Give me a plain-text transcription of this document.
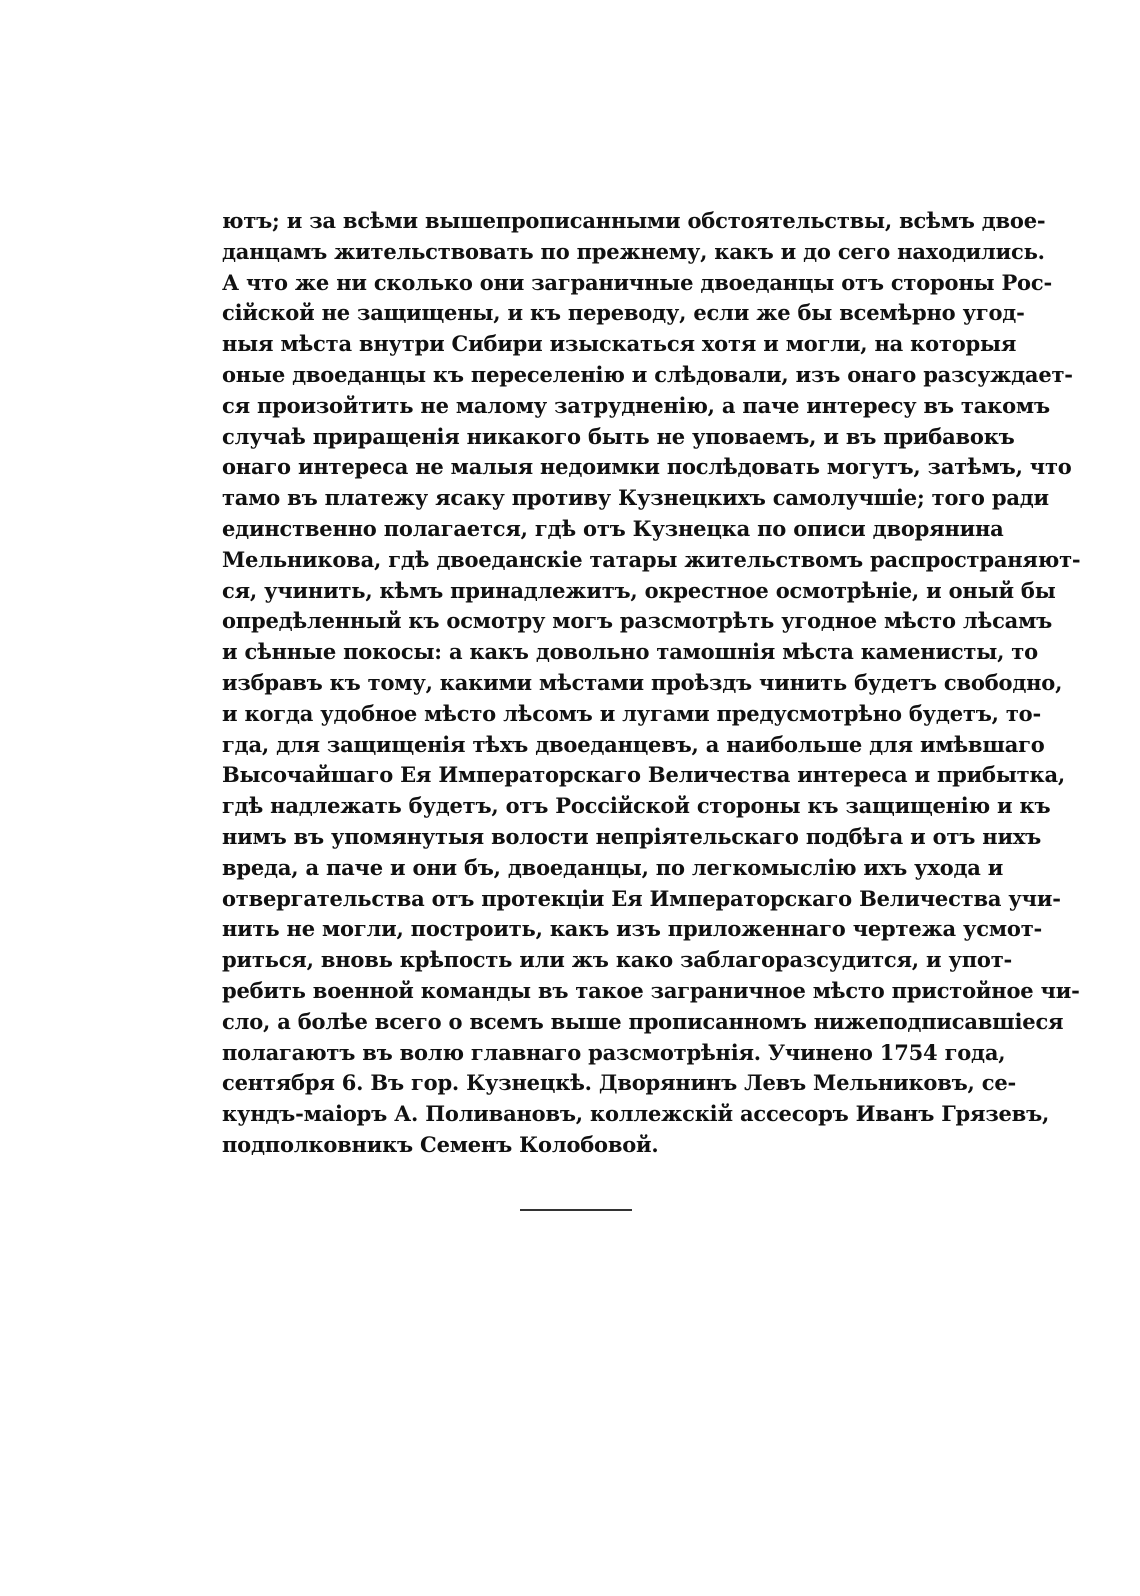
ютъ; и за всѣми вышепрописанными обстоятельствы, всѣмъ двое-
данцамъ жительствовать по прежнему, какъ и до сего находились.
А что же ни сколько они заграничные двоеданцы отъ стороны Рос-
сійской не защищены, и къ переводу, если же бы всемѣрно угод-
ныя мѣста внутри Сибири изыскаться хотя и могли, на которыя
оные двоеданцы къ переселенію и слѣдовали, изъ онаго разсуждает-
ся произойтить не малому затрудненію, а паче интересу въ такомъ
случаѣ приращенія никакого быть не уповаемъ, и въ прибавокъ
онаго интереса не малыя недоимки послѣдовать могутъ, затѣмъ, что
тамо въ платежу ясаку противу Кузнецкихъ самолучшіе; того ради
единственно полагается, гдѣ отъ Кузнецка по описи дворянина
Мельникова, гдѣ двоеданскіе татары жительствомъ распространяют-
ся, учинить, кѣмъ принадлежитъ, окрестное осмотрѣніе, и оный бы
опредѣленный къ осмотру могъ разсмотрѣть угодное мѣсто лѣсамъ
и сѣнные покосы: а какъ довольно тамошнія мѣста каменисты, то
избравъ къ тому, какими мѣстами проѣздъ чинить будетъ свободно,
и когда удобное мѣсто лѣсомъ и лугами предусмотрѣно будетъ, то-
гда, для защищенія тѣхъ двоеданцевъ, а наибольше для имѣвшаго
Высочайшаго Ея Императорскаго Величества интереса и прибытка,
гдѣ надлежать будетъ, отъ Россійской стороны къ защищенію и къ
нимъ въ упомянутыя волости непріятельскаго подбѣга и отъ нихъ
вреда, а паче и они бъ, двоеданцы, по легкомыслію ихъ ухода и
отвергательства отъ протекціи Ея Императорскаго Величества учи-
нить не могли, построить, какъ изъ приложеннаго чертежа усмот-
риться, вновь крѣпость или жъ како заблагоразсудится, и упот-
ребить военной команды въ такое заграничное мѣсто пристойное чи-
сло, а болѣе всего о всемъ выше прописанномъ нижеподписавшіеся
полагаютъ въ волю главнаго разсмотрѣнія. Учинено 1754 года,
сентября 6. Въ гор. Кузнецкѣ. Дворянинъ Левъ Мельниковъ, се-
кундъ-маіоръ А. Поливановъ, коллежскій ассесоръ Иванъ Грязевъ,
подполковникъ Семенъ Колобовой.
